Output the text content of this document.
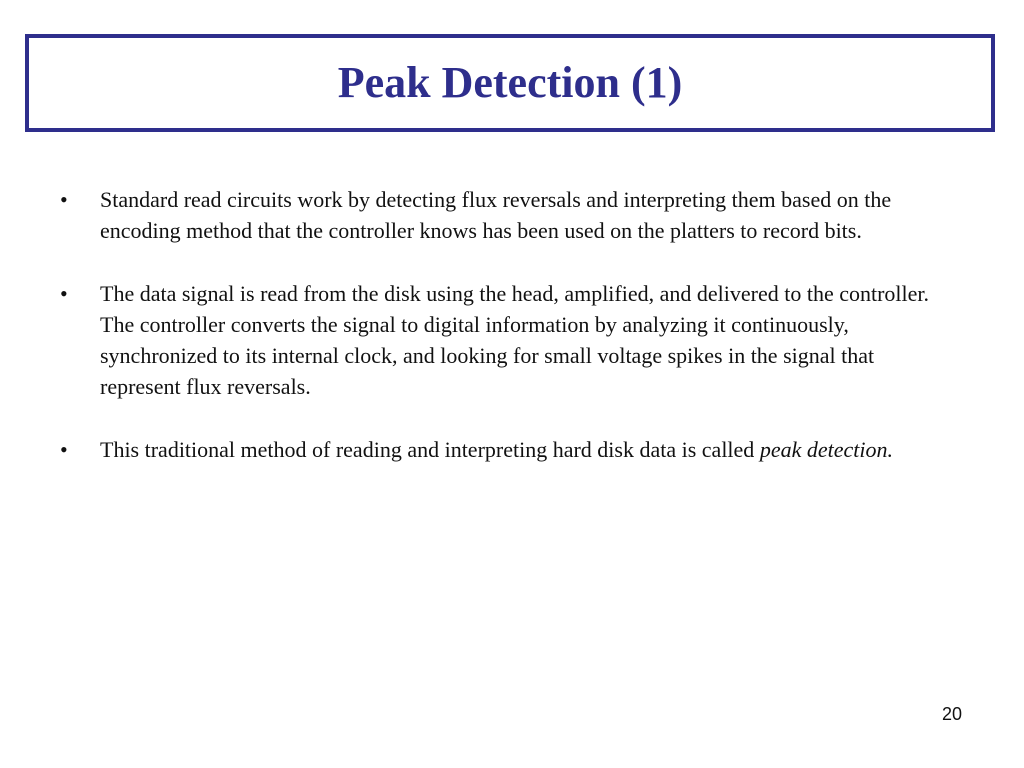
Peak Detection (1)
•	Standard read circuits work by detecting flux reversals and interpreting them based on the encoding method that the controller knows has been used on the platters to record bits.
•	The data signal is read from the disk using the head, amplified, and delivered to the controller. The controller converts the signal to digital information by analyzing it continuously, synchronized to its internal clock, and looking for small voltage spikes in the signal that represent flux reversals.
•	This traditional method of reading and interpreting hard disk data is called peak detection.
20
